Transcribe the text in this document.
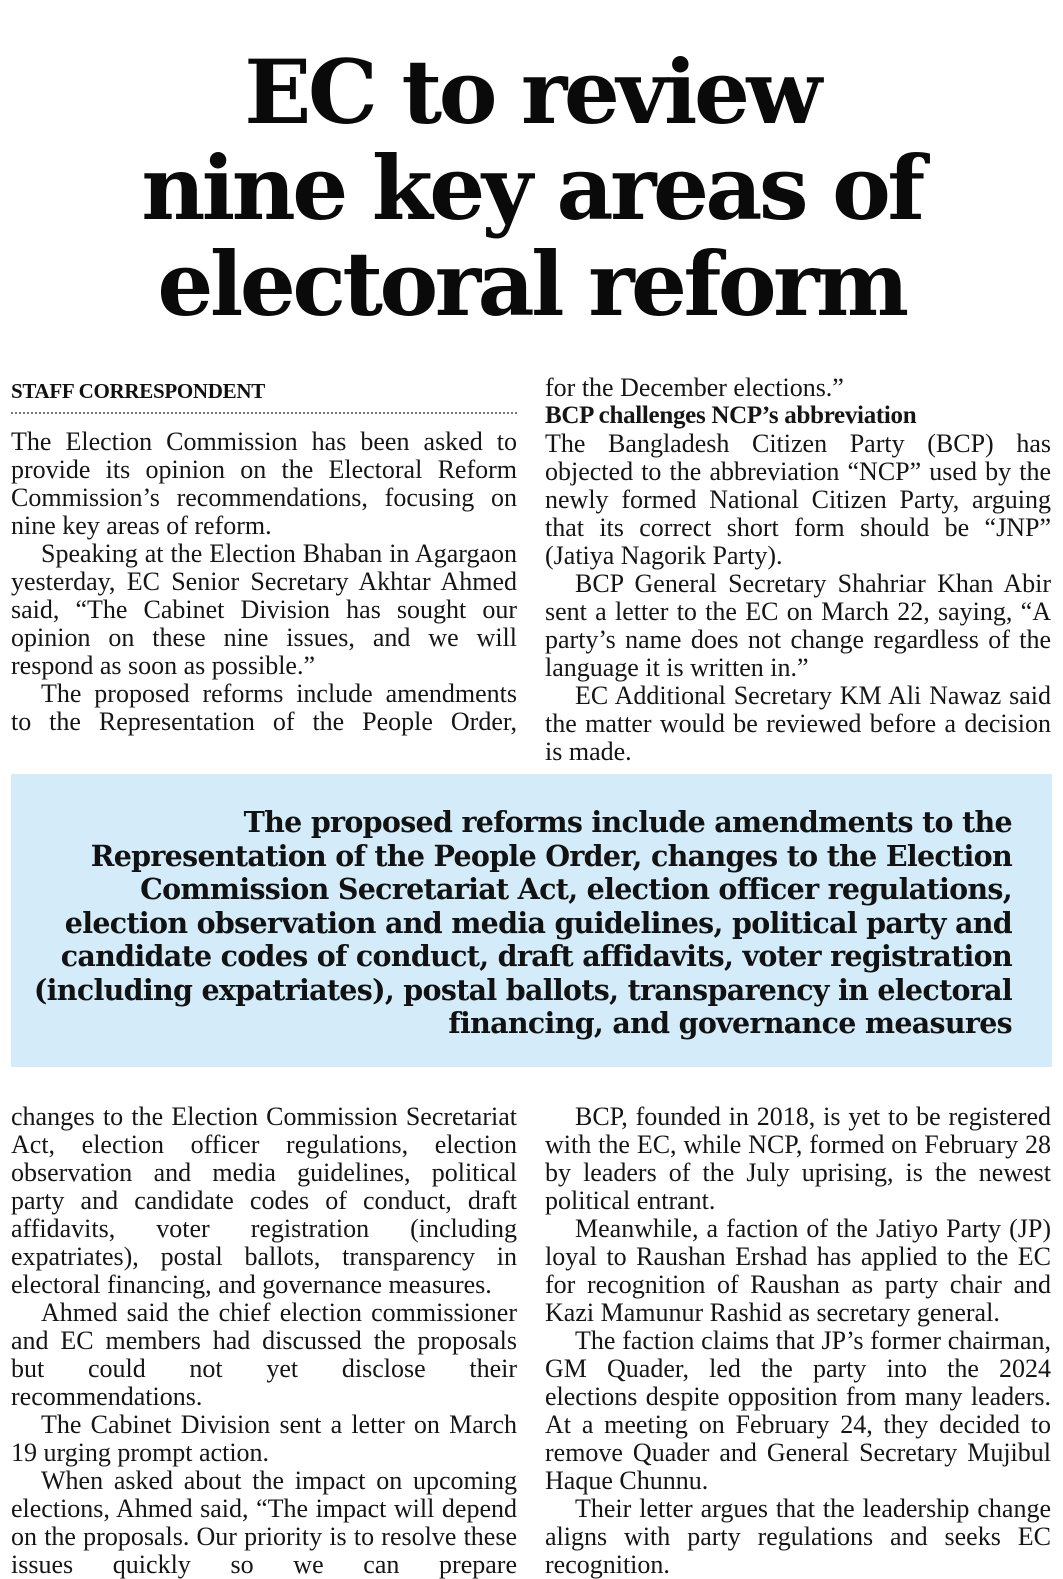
EC to review
nine key areas of
electoral reform
STAFF CORRESPONDENT

The Election Commission has been asked to provide its opinion on the Electoral Reform Commission’s recommendations, focusing on nine key areas of reform.

Speaking at the Election Bhaban in Agargaon yesterday, EC Senior Secretary Akhtar Ahmed said, “The Cabinet Division has sought our opinion on these nine issues, and we will respond as soon as possible.”

The proposed reforms include amendments to the Representation of the People Order,

for the December elections.”

BCP challenges NCP’s abbreviation

The Bangladesh Citizen Party (BCP) has objected to the abbreviation “NCP” used by the newly formed National Citizen Party, arguing that its correct short form should be “JNP” (Jatiya Nagorik Party).

BCP General Secretary Shahriar Khan Abir sent a letter to the EC on March 22, saying, “A party’s name does not change regardless of the language it is written in.”

EC Additional Secretary KM Ali Nawaz said the matter would be reviewed before a decision is made.

The proposed reforms include amendments to the Representation of the People Order, changes to the Election Commission Secretariat Act, election officer regulations, election observation and media guidelines, political party and candidate codes of conduct, draft affidavits, voter registration (including expatriates), postal ballots, transparency in electoral financing, and governance measures

changes to the Election Commission Secretariat Act, election officer regulations, election observation and media guidelines, political party and candidate codes of conduct, draft affidavits, voter registration (including expatriates), postal ballots, transparency in electoral financing, and governance measures.

Ahmed said the chief election commissioner and EC members had discussed the proposals but could not yet disclose their recommendations.

The Cabinet Division sent a letter on March 19 urging prompt action.

When asked about the impact on upcoming elections, Ahmed said, “The impact will depend on the proposals. Our priority is to resolve these issues quickly so we can prepare

BCP, founded in 2018, is yet to be registered with the EC, while NCP, formed on February 28 by leaders of the July uprising, is the newest political entrant.

Meanwhile, a faction of the Jatiyo Party (JP) loyal to Raushan Ershad has applied to the EC for recognition of Raushan as party chair and Kazi Mamunur Rashid as secretary general.

The faction claims that JP’s former chairman, GM Quader, led the party into the 2024 elections despite opposition from many leaders. At a meeting on February 24, they decided to remove Quader and General Secretary Mujibul Haque Chunnu.

Their letter argues that the leadership change aligns with party regulations and seeks EC recognition.
